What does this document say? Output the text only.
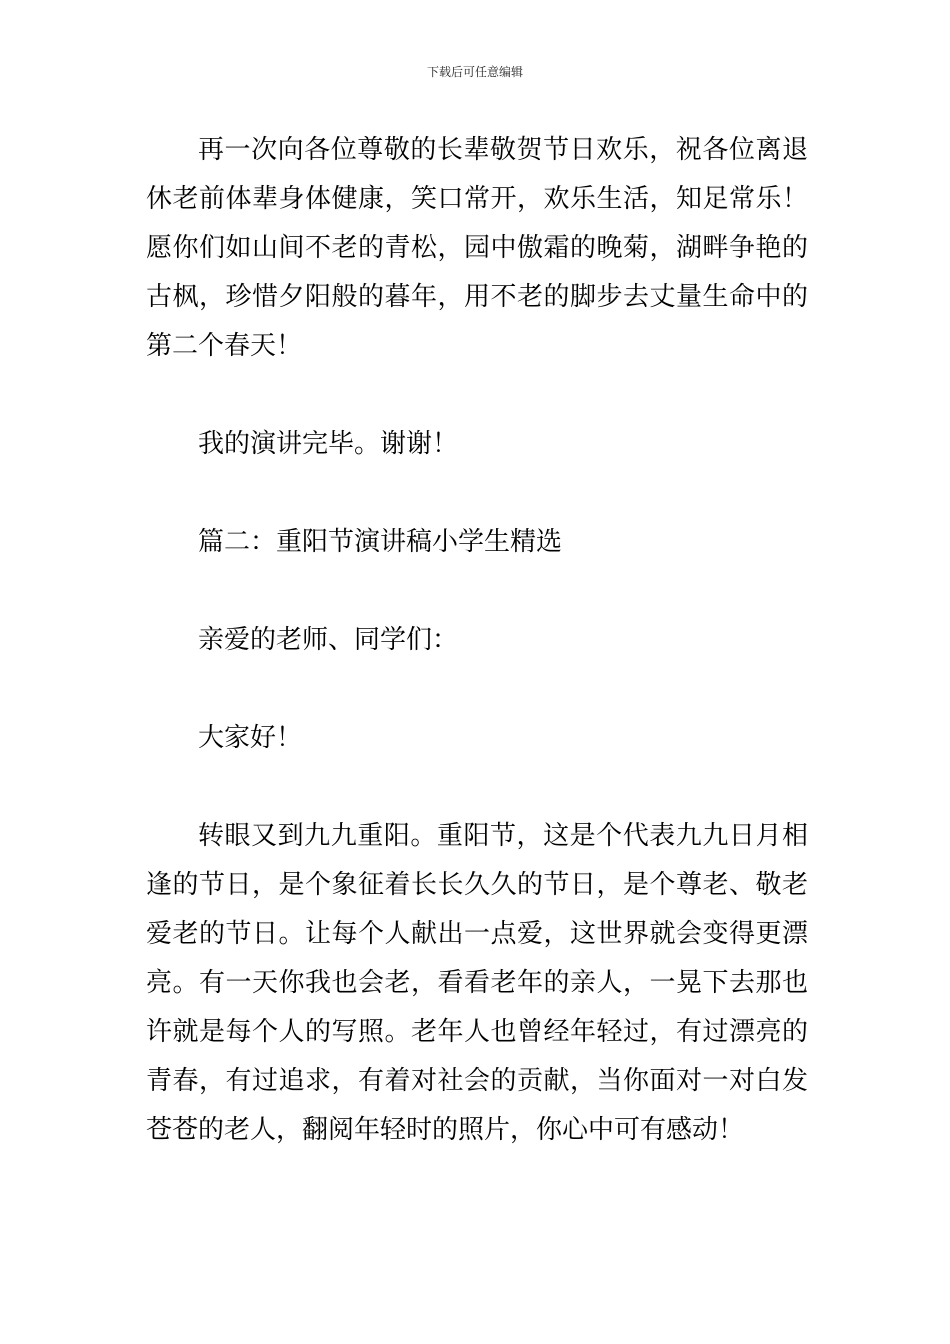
下载后可任意编辑

再一次向各位尊敬的长辈敬贺节日欢乐，祝各位离退休老前体辈身体健康，笑口常开，欢乐生活，知足常乐！愿你们如山间不老的青松，园中傲霜的晚菊，湖畔争艳的古枫，珍惜夕阳般的暮年，用不老的脚步去丈量生命中的第二个春天！

我的演讲完毕。谢谢！

篇二：重阳节演讲稿小学生精选

亲爱的老师、同学们：

大家好！

转眼又到九九重阳。重阳节，这是个代表九九日月相逢的节日，是个象征着长长久久的节日，是个尊老、敬老爱老的节日。让每个人献出一点爱，这世界就会变得更漂亮。有一天你我也会老，看看老年的亲人，一晃下去那也许就是每个人的写照。老年人也曾经年轻过，有过漂亮的青春，有过追求，有着对社会的贡献，当你面对一对白发苍苍的老人，翻阅年轻时的照片，你心中可有感动！
